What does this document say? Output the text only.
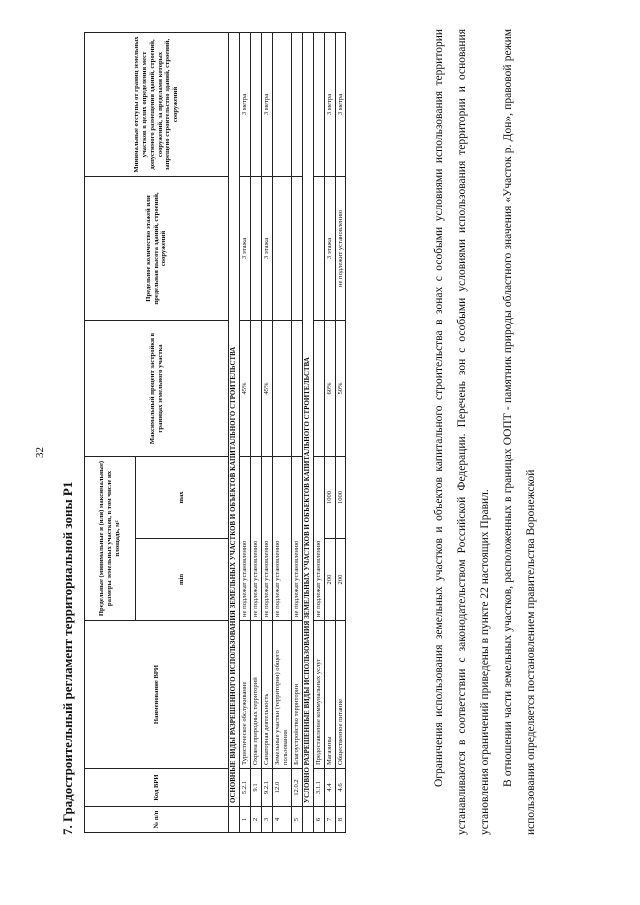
32
7. Градостроительный регламент территориальной зоны Р1	№ п/п	Код ВРИ	Наименование ВРИ	Предельные (минимальные и (или) максимальные) размеры земельных участков, в том числе их площадь, м²		Максимальный процент застройки в границах земельного участка	Предельное количество этажей или предельная высота зданий, строений, сооружений	Минимальные отступы от границ земельных участков в целях определения мест допустимого размещения зданий, строений, сооружений, за пределами которых запрещено строительство зданий, строений, сооружений
			min	max			
	ОСНОВНЫЕ ВИДЫ РАЗРЕШЕННОГО ИСПОЛЬЗОВАНИЯ ЗЕМЕЛЬНЫХ УЧАСТКОВ И ОБЪЕКТОВ КАПИТАЛЬНОГО СТРОИТЕЛЬСТВА						
1	5.2.1	Туристическое обслуживание	не подлежат установлению		45%	3 этажа	3 метра
2	9.1	Охрана природных территорий	не подлежат установлению				
3	9.2.1	Санаторная деятельность	не подлежат установлению		45%	3 этажа	3 метра
4	12.0	Земельные участки (территории) общего пользования	не подлежат установлению				
5	12.0.2	Благоустройство территории	не подлежат установлению				
	УСЛОВНО РАЗРЕШЕННЫЕ ВИДЫ ИСПОЛЬЗОВАНИЯ ЗЕМЕЛЬНЫХ УЧАСТКОВ И ОБЪЕКТОВ КАПИТАЛЬНОГО СТРОИТЕЛЬСТВА						
6	3.1.1	Предоставление коммунальных услуг	не подлежат установлению				
7	4.4	Магазины	200	1000	60%	3 этажа	3 метра
8	4.6	Общественное питание	200	1000	50%	не подлежит установлению	3 метра	Ограничения использования земельных участков и объектов капитального строительства в зонах с особыми условиями использования территории устанавливаются в соответствии с законодательством Российской Федерации. Перечень зон с особыми условиями использования территории и основания установления ограничений приведены в пункте 22 настоящих Правил. В отношении части земельных участков, расположенных в границах ООПТ - памятник природы областного значения «Участок р. Дон», правовой режим использования определяется постановлением правительства Воронежской
